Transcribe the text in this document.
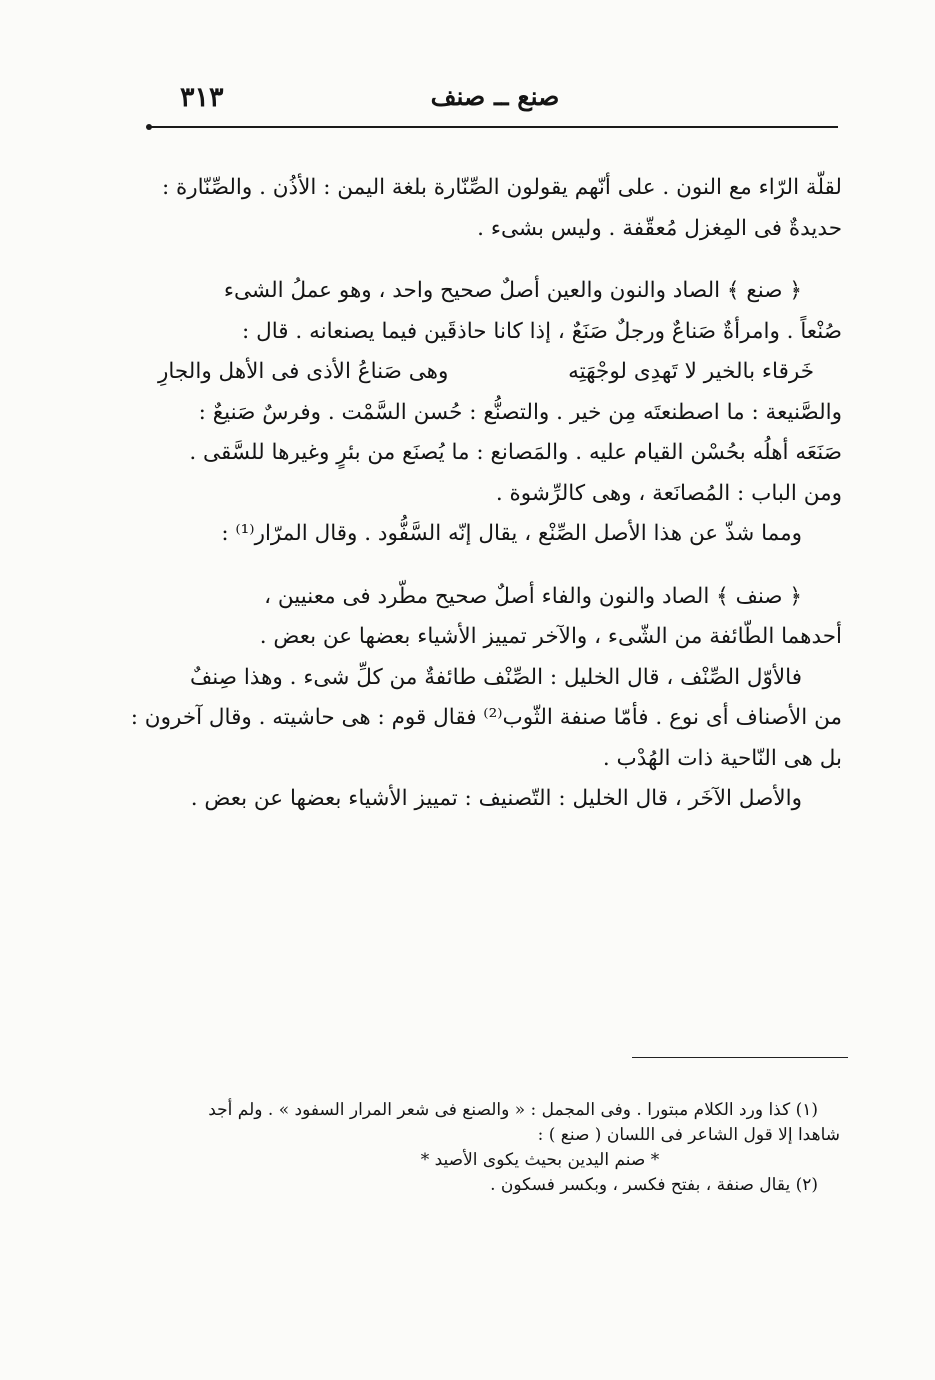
٣١٣	صنع ــ صنف
لقلّة الرّاء مع النون . على أنّهم يقولون الصِّنّارة بلغة اليمن : الأذُن . والصِّنّارة :
حديدةٌ فى المِغزل مُعقّفة . وليس بشىء .
﴿ صنع ﴾ الصاد والنون والعين أصلٌ صحيح واحد ، وهو عملُ الشىء
صُنْعاً . وامرأةٌ صَناعٌ ورجلٌ صَنَعٌ ، إذا كانا حاذقَين فيما يصنعانه . قال :
خَرقاء بالخير لا تَهدِى لوجْهَتِه
وهى صَناعُ الأذى فى الأهل والجارِ
والصَّنيعة : ما اصطنعتَه مِن خير . والتصنُّع : حُسن السَّمْت . وفرسٌ صَنيعٌ :
صَنَعَه أهلُه بحُسْن القيام عليه . والمَصانع : ما يُصنَع من بئرٍ وغيرها للسَّقى .
ومن الباب : المُصانَعة ، وهى كالرِّشوة .
ومما شذّ عن هذا الأصل الصِّنْع ، يقال إنّه السَّفُّود . وقال المرّار⁽¹⁾ :
﴿ صنف ﴾ الصاد والنون والفاء أصلٌ صحيح مطّرد فى معنيين ،
أحدهما الطّائفة من الشّىء ، والآخر تمييز الأشياء بعضها عن بعض .
فالأوّل الصِّنْف ، قال الخليل : الصِّنْف طائفةٌ من كلِّ شىء . وهذا صِنفٌ
من الأصناف أى نوع . فأمّا صنفة الثّوب⁽²⁾ فقال قوم : هى حاشيته . وقال آخرون :
بل هى النّاحية ذات الهُدْب .
والأصل الآخَر ، قال الخليل : التّصنيف : تمييز الأشياء بعضها عن بعض .
(١) كذا ورد الكلام مبتورا . وفى المجمل : « والصنع فى شعر المرار السفود » . ولم أجد
شاهدا إلا قول الشاعر فى اللسان ( صنع ) :
* صنم اليدين بحيث يكوى الأصيد *
(٢) يقال صنفة ، بفتح فكسر ، وبكسر فسكون .
